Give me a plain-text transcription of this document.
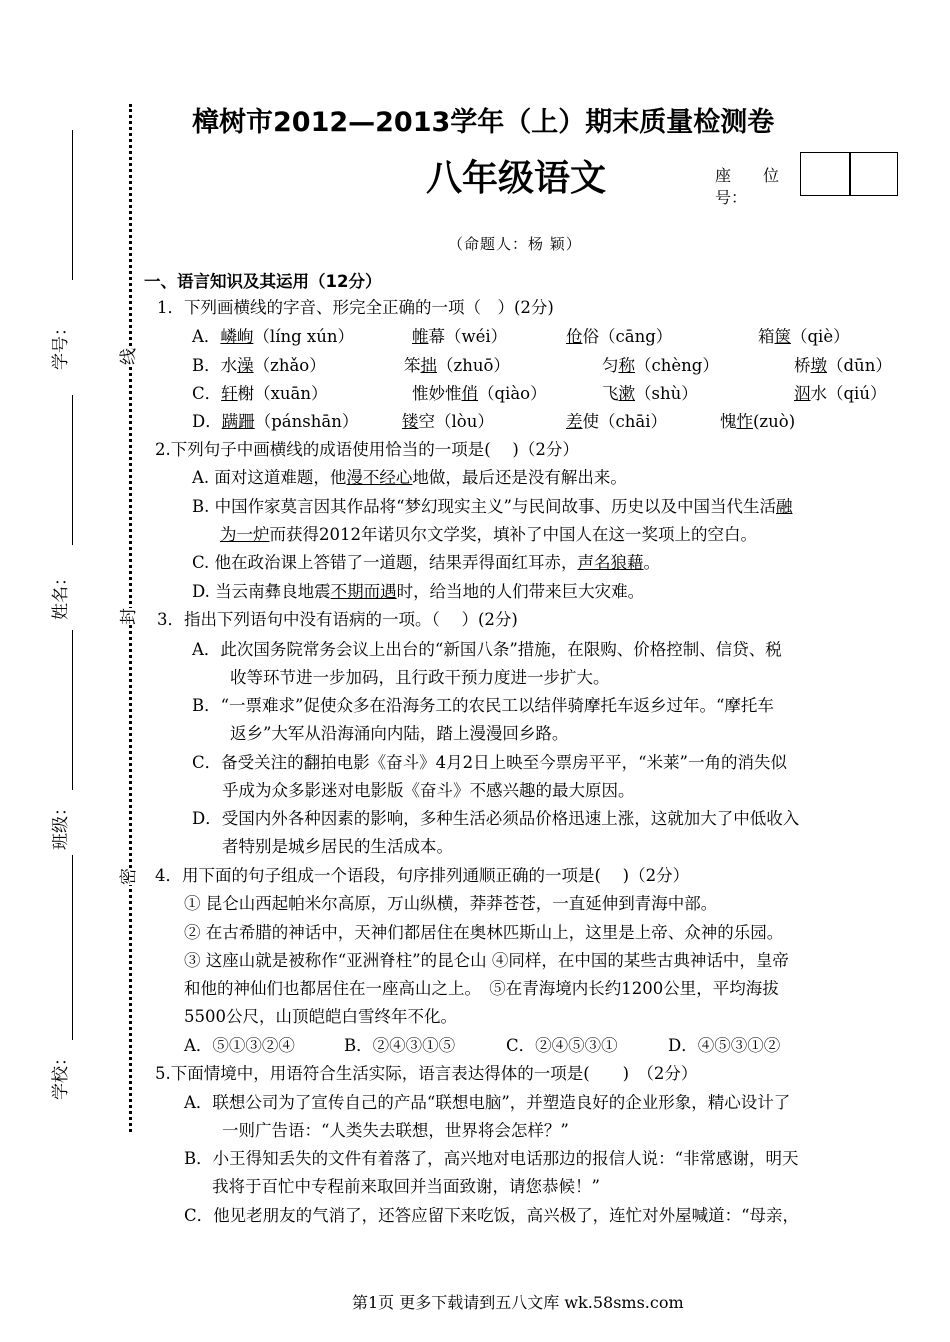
学号：
姓名：
班级：
学校：
线
封
密
樟树市2012—2013学年（上）期末质量检测卷
八年级语文	座　　位
号：
（命题人：杨 颖）
一、语言知识及其运用（12分）
1．下列画横线的字音、形完全正确的一项（　）(2分)
A．嶙峋（líng xún）	帷幕（wéi）	伧俗（cāng）	箱箧（qiè）
B．水澡（zhǎo）	笨拙（zhuō）	匀称（chèng）	桥墩（dūn）
C．轩榭（xuān）	惟妙惟俏（qiào）	飞漱（shù）	泅水（qiú）
D．蹒跚（pánshān）	镂空（lòu）	差使（chāi）	愧怍(zuò)
2.下列句子中画横线的成语使用恰当的一项是(　 )（2分）
A. 面对这道难题，他漫不经心地做，最后还是没有解出来。
B. 中国作家莫言因其作品将“梦幻现实主义”与民间故事、历史以及中国当代生活融
为一炉而获得2012年诺贝尔文学奖，填补了中国人在这一奖项上的空白。
C. 他在政治课上答错了一道题，结果弄得面红耳赤，声名狼藉。
D. 当云南彝良地震不期而遇时，给当地的人们带来巨大灾难。
3．指出下列语句中没有语病的一项。（　 ）(2分)
A．此次国务院常务会议上出台的“新国八条”措施，在限购、价格控制、信贷、税
收等环节进一步加码，且行政干预力度进一步扩大。
B．“一票难求”促使众多在沿海务工的农民工以结伴骑摩托车返乡过年。“摩托车
返乡”大军从沿海涌向内陆，踏上漫漫回乡路。
C．备受关注的翻拍电影《奋斗》4月2日上映至今票房平平，“米莱”一角的消失似
乎成为众多影迷对电影版《奋斗》不感兴趣的最大原因。
D．受国内外各种因素的影响，多种生活必须品价格迅速上涨，这就加大了中低收入
者特别是城乡居民的生活成本。
4．用下面的句子组成一个语段，句序排列通顺正确的一项是(　 )（2分）
① 昆仑山西起帕米尔高原，万山纵横，莽莽苍苍，一直延伸到青海中部。
② 在古希腊的神话中，天神们都居住在奥林匹斯山上，这里是上帝、众神的乐园。
③ 这座山就是被称作“亚洲脊柱”的昆仑山 ④同样，在中国的某些古典神话中，皇帝
和他的神仙们也都居住在一座高山之上。　⑤在青海境内长约1200公里，平均海拔
5500公尺，山顶皑皑白雪终年不化。
A．⑤①③②④	B．②④③①⑤	C．②④⑤③①	D．④⑤③①②
5.下面情境中，用语符合生活实际，语言表达得体的一项是(　　)　（2分）
A．联想公司为了宣传自己的产品“联想电脑”，并塑造良好的企业形象，精心设计了
一则广告语：“人类失去联想，世界将会怎样？”
B．小王得知丢失的文件有着落了，高兴地对电话那边的报信人说：“非常感谢，明天
我将于百忙中专程前来取回并当面致谢，请您恭候！”
C．他见老朋友的气消了，还答应留下来吃饭，高兴极了，连忙对外屋喊道：“母亲，
第1页 更多下载请到五八文库 wk.58sms.com
